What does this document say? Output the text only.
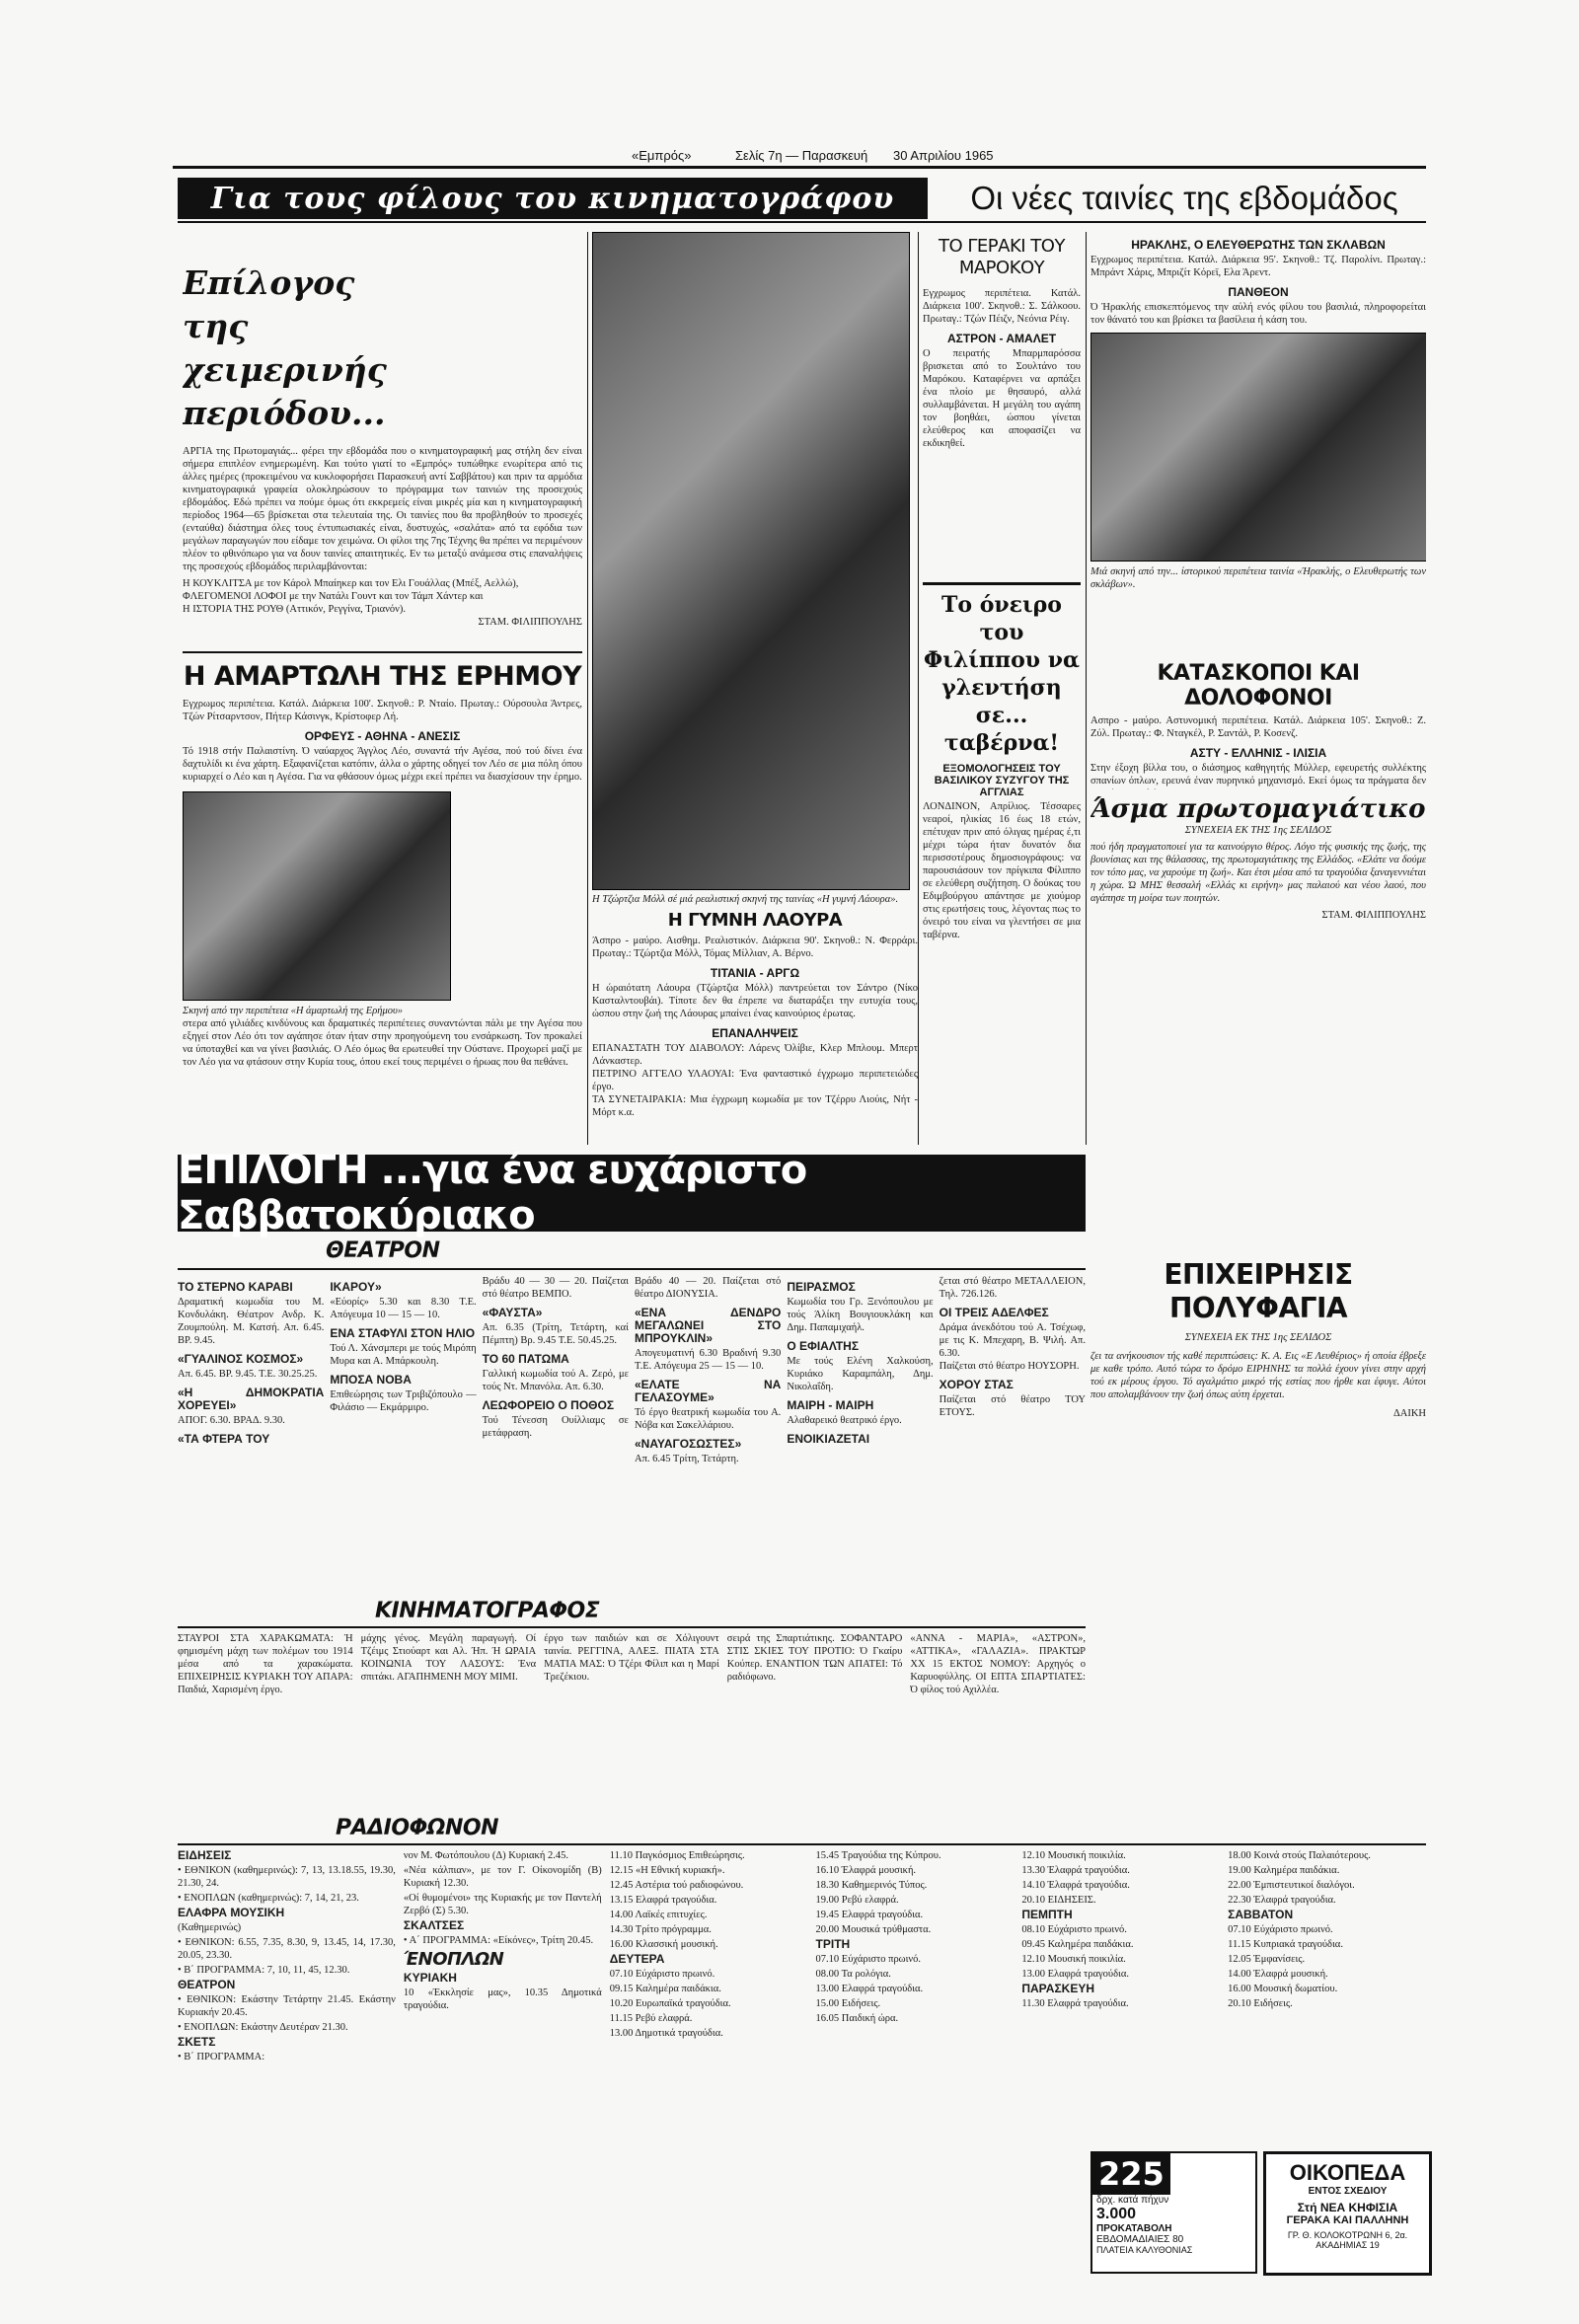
«Εμπρός»	Σελίς 7η — Παρασκευή 30 Απριλίου 1965
Για τους φίλους του κινηματογράφου	Οι νέες ταινίες της εβδομάδος
Επίλογος της χειμερινής περιόδου...
ΑΡΓΙΑ της Πρωτομαγιάς... φέρει την εβδομάδα που ο κινηματογραφική μας στήλη δεν είναι σήμερα επιπλέον ενημερωμένη. Και τούτο γιατί το «Εμπρός» τυπώθηκε ενωρίτερα από τις άλλες ημέρες (προκειμένου να κυκλοφορήσει Παρασκευή αντί Σαββάτου) και πριν τα αρμόδια κινηματογραφικά γραφεία ολοκληρώσουν το πρόγραμμα των ταινιών της προσεχούς εβδομάδος. Εδώ πρέπει να πούμε όμως ότι εκκρεμείς είναι μικρές μία και η κινηματογραφική περίοδος 1964—65 βρίσκεται στα τελευταία της. Οι ταινίες που θα προβληθούν το προσεχές (ενταύθα) διάστημα όλες τους έντυπωσιακές είναι, δυστυχώς, «σαλάτα» από τα εφόδια των μεγάλων παραγωγών που είδαμε τον χειμώνα. Οι φίλοι της 7ης Τέχνης θα πρέπει να περιμένουν πλέον το φθινόπωρο για να δουν ταινίες απαιτητικές. Εν τω μεταξύ ανάμεσα στις επαναλήψεις της προσεχούς εβδομάδος περιλαμβάνονται:
Η ΚΟΥΚΛΙΤΣΑ με τον Κάρολ Μπαίηκερ και τον Ελι Γουάλλας (Μπέξ, Αελλώ),
ΦΛΕΓΟΜΕΝΟΙ ΛΟΦΟΙ με την Νατάλι Γουντ και τον Τάμπ Χάντερ και
Η ΙΣΤΟΡΙΑ ΤΗΣ ΡΟΥΘ (Αττικόν, Ρεγγίνα, Τριανόν).
ΣΤΑΜ. ΦΙΛΙΠΠΟΥΛΗΣ
Η ΑΜΑΡΤΩΛΗ ΤΗΣ ΕΡΗΜΟΥ
Εγχρωμος περιπέτεια. Κατάλ. Διάρκεια 100'. Σκηνοθ.: Ρ. Νταίο. Πρωταγ.: Ούρσουλα Άντρες, Τζών Ρίτσαρντσον, Πήτερ Κάσινγκ, Κρίστοφερ Λή.
ΟΡΦΕΥΣ - ΑΘΗΝΑ - ΑΝΕΣΙΣ
Τό 1918 στήν Παλαιστίνη. Ό ναύαρχος Άγγλος Λέο, συναντά τήν Αγέσα, πού τού δίνει ένα δαχτυλίδι κι ένα χάρτη. Εξαφανίζεται κατόπιν, άλλα ο χάρτης οδηγεί τον Λέο σε μια πόλη όπου κυριαρχεί ο Λέο και η Αγέσα. Για να φθάσουν όμως μέχρι εκεί πρέπει να διασχίσουν την έρημο.
Σκηνή από την περιπέτεια «Η άμαρτωλή της Ερήμου»
στερα από γιλιάδες κινδύνους και δραματικές περιπέτειες συναντώνται πάλι με την Αγέσα που εξηγεί στον Λέο ότι τον αγάπησε όταν ήταν στην προηγούμενη του ενσάρκωση. Τον προκαλεί να ύποταχθεί και να γίνει βασιλιάς. Ο Λέο όμως θα ερωτευθεί την Ούστανε. Προχωρεί μαζί με τον Λέο για να φτάσουν στην Κυρία τους, όπου εκεί τους περιμένει ο ήρωας που θα πεθάνει.
Η Τζώρτζια Μόλλ σέ μιά ρεαλιστική σκηνή της ταινίας «Η γυμνή Λάουρα».
Η ΓΥΜΝΗ ΛΑΟΥΡΑ
Άσπρο - μαύρο. Αισθημ. Ρεαλιστικόν. Διάρκεια 90'. Σκηνοθ.: Ν. Φερράρι. Πρωταγ.: Τζώρτζια Μόλλ, Τόμας Μίλλιαν, Α. Βέρνο.
ΤΙΤΑΝΙΑ - ΑΡΓΩ
Η ώραιότατη Λάουρα (Τζώρτζια Μόλλ) παντρεύεται τον Σάντρο (Νίκο Κασταλντουβάι). Τίποτε δεν θα έπρεπε να διαταράξει την ευτυχία τους, ώσπου στην ζωή της Λάουρας μπαίνει ένας καινούριος έρωτας.
ΕΠΑΝΑΛΗΨΕΙΣ
ΕΠΑΝΑΣΤΑΤΗ ΤΟΥ ΔΙΑΒΟΛΟΥ: Λάρενς Όλίβιε, Κλερ Μπλουμ. Μπερτ Λάνκαστερ.
ΠΕΤΡΙΝΟ ΑΓΓΕΛΟ ΥΛΑΟΥΑΙ: Ένα φανταστικό έγχρωμο περιπετειώδες έργο.
ΤΑ ΣΥΝΕΤΑΙΡΑΚΙΑ: Μια έγχρωμη κωμωδία με τον Τζέρρυ Λιούις, Νήτ - Μόρτ κ.α.
ΤΟ ΓΕΡΑΚΙ ΤΟΥ ΜΑΡΟΚΟΥ
Εγχρωμος περιπέτεια. Κατάλ. Διάρκεια 100'. Σκηνοθ.: Σ. Σάλκοου. Πρωταγ.: Τζών Πέιζν, Νεόνια Ρέιγ.
ΑΣΤΡΟΝ - ΑΜΑΛΕΤ
Ο πειρατής Μπαρμπαρόσσα βρισκεται από το Σουλτάνο του Μαρόκου. Καταφέρνει να αρπάξει ένα πλοίο με θησαυρό, αλλά συλλαμβάνεται. Η μεγάλη του αγάπη τον βοηθάει, ώσπου γίνεται ελεύθερος και αποφασίζει να εκδικηθεί.
Το όνειρο του Φιλίππου να γλεντήση σε... ταβέρνα!
ΕΞΟΜΟΛΟΓΗΣΕΙΣ ΤΟΥ ΒΑΣΙΛΙΚΟΥ ΣΥΖΥΓΟΥ ΤΗΣ ΑΓΓΛΙΑΣ
ΛΟΝΔΙΝΟΝ, Απρίλιος. Τέσσαρες νεαροί, ηλικίας 16 έως 18 ετών, επέτυχαν πριν από όλιγας ημέρας έ,τι μέχρι τώρα ήταν δυνατόν δια περισσοτέρους δημοσιογράφους: να παρουσιάσουν τον πρίγκιπα Φίλιππο σε ελεύθερη συζήτηση. Ο δούκας του Εδιμβούργου απάντησε με χιούμορ στις ερωτήσεις τους, λέγοντας πως το όνειρό του είναι να γλεντήσει σε μια ταβέρνα.
ΗΡΑΚΛΗΣ, Ο ΕΛΕΥΘΕΡΩΤΗΣ ΤΩΝ ΣΚΛΑΒΩΝ
Εγχρωμος περιπέτεια. Κατάλ. Διάρκεια 95'. Σκηνοθ.: Τζ. Παρολίνι. Πρωταγ.: Μπράντ Χάρις, Μπριζίτ Κόρεϊ, Ελα Άρεντ.
ΠΑΝΘΕΟΝ
Ό Ήρακλής επισκεπτόμενος την αύλή ενός φίλου του βασιλιά, πληροφορείται τον θάνατό του και βρίσκει τα βασίλεια ή κάση του.
Μιά σκηνή από την... ίστορικού περιπέτεια ταινία «Ήρακλής, ο Ελευθερωτής των σκλάβων».
ΚΑΤΑΣΚΟΠΟΙ ΚΑΙ ΔΟΛΟΦΟΝΟΙ
Ασπρο - μαύρο. Αστυνομική περιπέτεια. Κατάλ. Διάρκεια 105'. Σκηνοθ.: Ζ. Ζύλ. Πρωταγ.: Φ. Νταγκέλ, Ρ. Σαντάλ, Ρ. Κοσενζ.
ΑΣΤΥ - ΕΛΛΗΝΙΣ - ΙΛΙΣΙΑ
Στην έξοχη βίλλα του, ο διάσημος καθηγητής Μύλλερ, εφευρετής συλλέκτης σπανίων όπλων, ερευνά έναν πυρηνικό μηχανισμό. Εκεί όμως τα πράγματα δεν
Άσμα πρωτομαγιάτικο
ΣΥΝΕΧΕΙΑ ΕΚ ΤΗΣ 1ης ΣΕΛΙΔΟΣ
πού ήδη πραγματοποιεί για τα καινούργιο θέρος. Λόγο τής φυσικής της ζωής, της βουνίσιας και της θάλασσας, της πρωτομαγιάτικης της Ελλάδος. «Ελάτε να δούμε τον τόπο μας, να χαρούμε τη ζωή». Και έτσι μέσα από τα τραγούδια ξαναγεννιέται η χώρα. Ώ ΜΗΣ θεσσαλή «Ελλάς κι ειρήνη» μας παλαιού και νέου λαού, που αγάπησε τη μοίρα των ποιητών.
ΣΤΑΜ. ΦΙΛΙΠΠΟΥΛΗΣ
ΕΠΙΛΟΓΗ ...για ένα ευχάριστο Σαββατοκύριακο
ΘΕΑΤΡΟΝ
ΤΟ ΣΤΕΡΝΟ ΚΑΡΑΒΙ
Δραματική κωμωδία του Μ. Κονδυλάκη. Θέατρον Ανδρ. Κ. Ζουμπούλη. Μ. Κατσή. Απ. 6.45. ΒΡ. 9.45.
«ΓΥΑΛΙΝΟΣ ΚΟΣΜΟΣ»
Απ. 6.45. ΒΡ. 9.45. Τ.Ε. 30.25.25.
«Η ΔΗΜΟΚΡΑΤΙΑ ΧΟΡΕΥΕΙ»
ΑΠΟΓ. 6.30. ΒΡΑΔ. 9.30.
«ΤΑ ΦΤΕΡΑ ΤΟΥ
ΙΚΑΡΟΥ»
«Εύορίς» 5.30 και 8.30 Τ.Ε. Απόγευμα 10 — 15 — 10.
ΕΝΑ ΣΤΑΦΥΛΙ ΣΤΟΝ ΗΛΙΟ
Τού Λ. Χάνσμπερι με τούς Μιρόπη Μυρα και Α. Μπάρκουλη.
ΜΠΟΣΑ ΝΟΒΑ
Επιθεώρησις των Τριβιζόπουλο — Φιλάσιο — Εκμάρμιρο.
Βράδυ 40 — 30 — 20. Παίζεται στό θέατρο ΒΕΜΠΟ.
«ΦΑΥΣΤΑ»
Απ. 6.35 (Τρίτη, Τετάρτη, καί Πέμπτη) Βρ. 9.45 Τ.Ε. 50.45.25.
ΤΟ 60 ΠΑΤΩΜΑ
Γαλλική κωμωδία τού Α. Ζερό, με τούς Ντ. Μπανόλα. Απ. 6.30.
ΛΕΩΦΟΡΕΙΟ Ο ΠΟΘΟΣ
Τού Τένεσση Ουίλλιαμς σε μετάφραση.
Βράδυ 40 — 20. Παίζεται στό θέατρο ΔΙΟΝΥΣΙΑ.
«ΕΝΑ ΔΕΝΔΡΟ ΜΕΓΑΛΩΝΕΙ ΣΤΟ ΜΠΡΟΥΚΛΙΝ»
Απογευματινή 6.30 Βραδινή 9.30 Τ.Ε. Απόγευμα 25 — 15 — 10.
«ΕΛΑΤΕ ΝΑ ΓΕΛΑΣΟΥΜΕ»
Τό έργο θεατρική κωμωδία του Α. Νόβα και Σακελλάριου.
«ΝΑΥΑΓΟΣΩΣΤΕΣ»
Απ. 6.45 Τρίτη, Τετάρτη.
ΠΕΙΡΑΣΜΟΣ
Κωμωδία του Γρ. Ξενόπουλου με τούς Άλίκη Βουγιουκλάκη και Δημ. Παπαμιχαήλ.
Ο ΕΦΙΑΛΤΗΣ
Με τούς Ελένη Χαλκούση, Κυριάκο Καραμπάλη, Δημ. Νικολαΐδη.
ΜΑΙΡΗ - ΜΑΙΡΗ
Αλαθαρεικό θεατρικό έργο.
ΕΝΟΙΚΙΑΖΕΤΑΙ
ζεται στό θέατρο ΜΕΤΑΛΛΕΙΟΝ, Τηλ. 726.126.
ΟΙ ΤΡΕΙΣ ΑΔΕΛΦΕΣ
Δράμα άνεκδότου τού Α. Τσέχωφ, με τις Κ. Μπεχαρη, Β. Ψιλή. Απ. 6.30.
Παίζεται στό θέατρο ΗΟΥΣΟΡΗ.
ΧΟΡΟΥ ΣΤΑΣ
Παίζεται στό θέατρο ΤΟΥ ΕΤΟΥΣ.
ΕΠΙΧΕΙΡΗΣΙΣ ΠΟΛΥΦΑΓΙΑ
ΣΥΝΕΧΕΙΑ ΕΚ ΤΗΣ 1ης ΣΕΛΙΔΟΣ
ζει τα ανήκουσιον τής καθέ περιπτώσεις: Κ. Α. Εις «Ε Λευθέριος» ή οποία έβρεξε με καθε τρόπο. Αυτό τώρα το δρόμο ΕΙΡΗΝΗΣ τα πολλά έχουν γίνει στην αρχή τού εκ μέρους έργου. Τό αγαλμάτιο μικρό τής εστίας που ήρθε και έφυγε. Αύτοι που απολαμβάνουν την ζωή όπως αύτη έρχεται.
ΔΑΙΚΗ
ΚΙΝΗΜΑΤΟΓΡΑΦΟΣ
ΣΤΑΥΡΟΙ ΣΤΑ ΧΑΡΑΚΩΜΑΤΑ: Ή φημισμένη μάχη των πολέμων του 1914 μέσα από τα χαρακώματα. ΕΠΙΧΕΙΡΗΣΙΣ ΚΥΡΙΑΚΗ ΤΟΥ ΑΠΑΡΑ: Παιδιά, Χαρισμένη έργο.
μάχης γένος. Μεγάλη παραγωγή. Οί Τζέιμς Στιούαρτ και Αλ. Ήπ. Ή ΩΡΑΙΑ ΚΟΙΝΩΝΙΑ ΤΟΥ ΛΑΣΟΥΣ: Ένα σπιτάκι. ΑΓΑΠΗΜΕΝΗ ΜΟΥ ΜΙΜΙ.
έργο των παιδιών και σε Χόλιγουντ ταινία. ΡΕΓΓΙΝΑ, ΑΛΕΞ. ΠΙΑΤΑ ΣΤΑ ΜΑΤΙΑ ΜΑΣ: Ό Τζέρι Φίλιπ και η Μαρί Τρεζέκιου.
σειρά της Σπαρτιάτικης. ΣΟΦΑΝΤΑΡΟ ΣΤΙΣ ΣΚΙΕΣ ΤΟΥ ΠΡΟΤΙΟ: Ό Γκαίρυ Κούπερ. ΕΝΑΝΤΙΟΝ ΤΩΝ ΑΠΑΤΕΙ: Τό ραδιόφωνο.
«ΑΝΝΑ - ΜΑΡΙΑ», «ΑΣΤΡΟΝ», «ΑΤΤΙΚΑ», «ΓΑΛΑΖΙΑ». ΠΡΑΚΤΩΡ ΧΧ 15 ΕΚΤΟΣ ΝΟΜΟΥ: Αρχηγός ο Καρυοφύλλης. ΟΙ ΕΠΤΑ ΣΠΑΡΤΙΑΤΕΣ: Ό φίλος τού Αχιλλέα.
ΡΑΔΙΟΦΩΝΟΝ

ΕΙΔΗΣΕΙΣ

• ΕΘΝΙΚΟΝ (καθημερινώς): 7, 13, 13.18.55, 19.30, 21.30, 24.

• ΕΝΟΠΛΩΝ (καθημερινώς): 7, 14, 21, 23.

ΕΛΑΦΡΑ ΜΟΥΣΙΚΗ

(Καθημερινώς)

• ΕΘΝΙΚΟΝ: 6.55, 7.35, 8.30, 9, 13.45, 14, 17.30, 20.05, 23.30.

• Β΄ ΠΡΟΓΡΑΜΜΑ: 7, 10, 11, 45, 12.30.

ΘΕΑΤΡΟΝ

• ΕΘΝΙΚΟΝ: Εκάστην Τετάρτην 21.45. Εκάστην Κυριακήν 20.45.

• ΕΝΟΠΛΩΝ: Εκάστην Δευτέραν 21.30.

ΣΚΕΤΣ

• Β΄ ΠΡΟΓΡΑΜΜΑ:

νον Μ. Φωτόπουλου (Δ) Κυριακή 2.45.

«Νέα κάλπιαν», με τον Γ. Οίκονομίδη (Β) Κυριακή 12.30.

«Οί θυμομένοι» της Κυριακής με τον Παντελή Ζερβό (Σ) 5.30.

ΣΚΑΛΤΣΕΣ

• Α΄ ΠΡΟΓΡΑΜΜΑ: «Είκόνες», Τρίτη 20.45.

ΈΝΟΠΛΩΝ

ΚΥΡΙΑΚΗ

10 «Έκκλησίε μας», 10.35 Δημοτικά τραγούδια.

11.10 Παγκόσμιος Επιθεώρησις.

12.15 «Η Εθνική κυριακή».

12.45 Αστέρια τού ραδιοφώνου.

13.15 Ελαφρά τραγούδια.

14.00 Λαϊκές επιτυχίες.

14.30 Τρίτο πρόγραμμα.

16.00 Κλασσική μουσική.

ΔΕΥΤΕΡΑ

07.10 Εύχάριστο πρωινό.

09.15 Καλημέρα παιδάκια.

10.20 Ευρωπαϊκά τραγούδια.

11.15 Ρεβύ ελαφρά.

13.00 Δημοτικά τραγούδια.

15.45 Τραγούδια της Κύπρου.

16.10 Έλαφρά μουσική.

18.30 Καθημερινός Τύπος.

19.00 Ρεβύ ελαφρά.

19.45 Ελαφρά τραγούδια.

20.00 Μουσικά τρύθμαστα.

ΤΡΙΤΗ

07.10 Εύχάριστο πρωινό.

08.00 Τα ρολόγια.

13.00 Ελαφρά τραγούδια.

15.00 Ειδήσεις.

16.05 Παιδική ώρα.

12.10 Μουσική ποικιλία.

13.30 Έλαφρά τραγούδια.

14.10 Έλαφρά τραγούδια.

20.10 ΕΙΔΗΣΕΙΣ.

ΠΕΜΠΤΗ

08.10 Εύχάριστο πρωινό.

09.45 Καλημέρα παιδάκια.

12.10 Μουσική ποικιλία.

13.00 Ελαφρά τραγούδια.

ΠΑΡΑΣΚΕΥΗ

11.30 Ελαφρά τραγούδια.

18.00 Κοινά στούς Παλαιότερους.

19.00 Καλημέρα παιδάκια.

22.00 Έμπιστευτικοί διαλόγοι.

22.30 Έλαφρά τραγούδια.

ΣΑΒΒΑΤΟΝ

07.10 Εύχάριστο πρωινό.

11.15 Κυπριακά τραγούδια.

12.05 Έμφανίσεις.

14.00 Έλαφρά μουσική.

16.00 Μουσική δωματίου.

20.10 Ειδήσεις.

225
δρχ. κατά πήχυν
3.000
ΠΡΟΚΑΤΑΒΟΛΗ
ΕΒΔΟΜΑΔΙΑΙΕΣ 80
ΠΛΑΤΕΙΑ ΚΑΛΥΘΟΝΙΑΣ
ΟΙΚΟΠΕΔΑ
ΕΝΤΟΣ ΣΧΕΔΙΟΥ
Στή ΝΕΑ ΚΗΦΙΣΙΑ
ΓΕΡΑΚΑ ΚΑΙ ΠΑΛΛΗΝΗ
ΓΡ. Θ. ΚΟΛΟΚΟΤΡΩΝΗ 6, 2α. ΑΚΑΔΗΜΙΑΣ 19
